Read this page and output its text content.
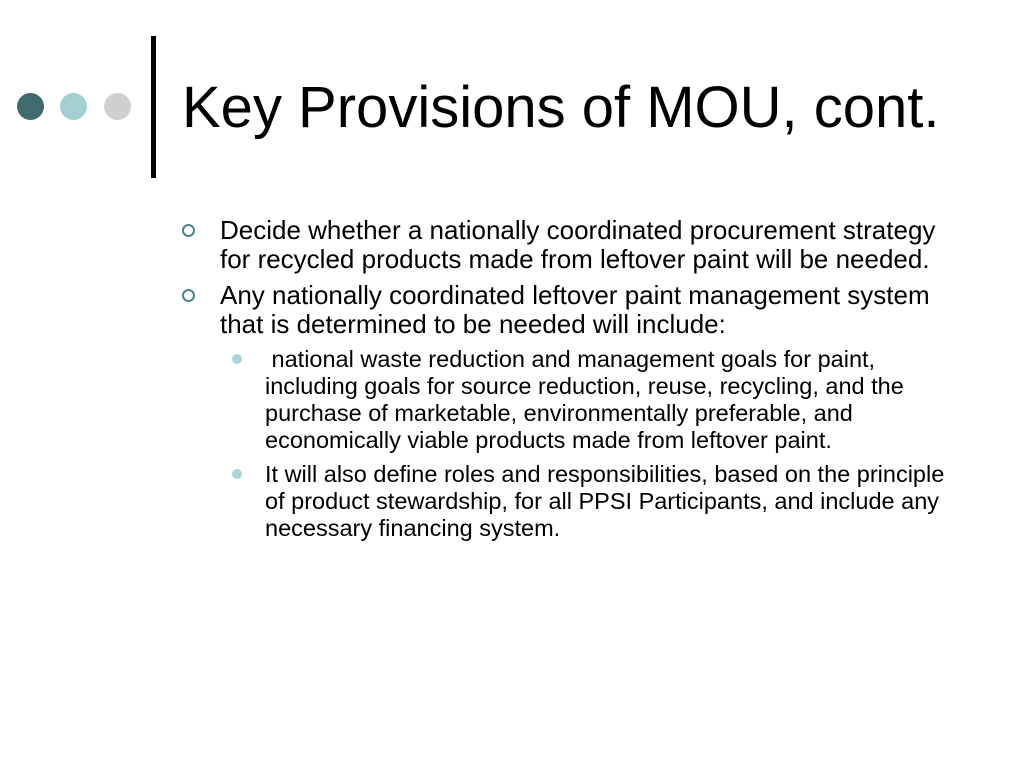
Key Provisions of MOU, cont.
Decide whether a nationally coordinated procurement strategy for recycled products made from leftover paint will be needed.
Any nationally coordinated leftover paint management system that is determined to be needed will include:
national waste reduction and management goals for paint, including goals for source reduction, reuse, recycling, and the purchase of marketable, environmentally preferable, and economically viable products made from leftover paint.
It will also define roles and responsibilities, based on the principle of product stewardship, for all PPSI Participants, and include any necessary financing system.
